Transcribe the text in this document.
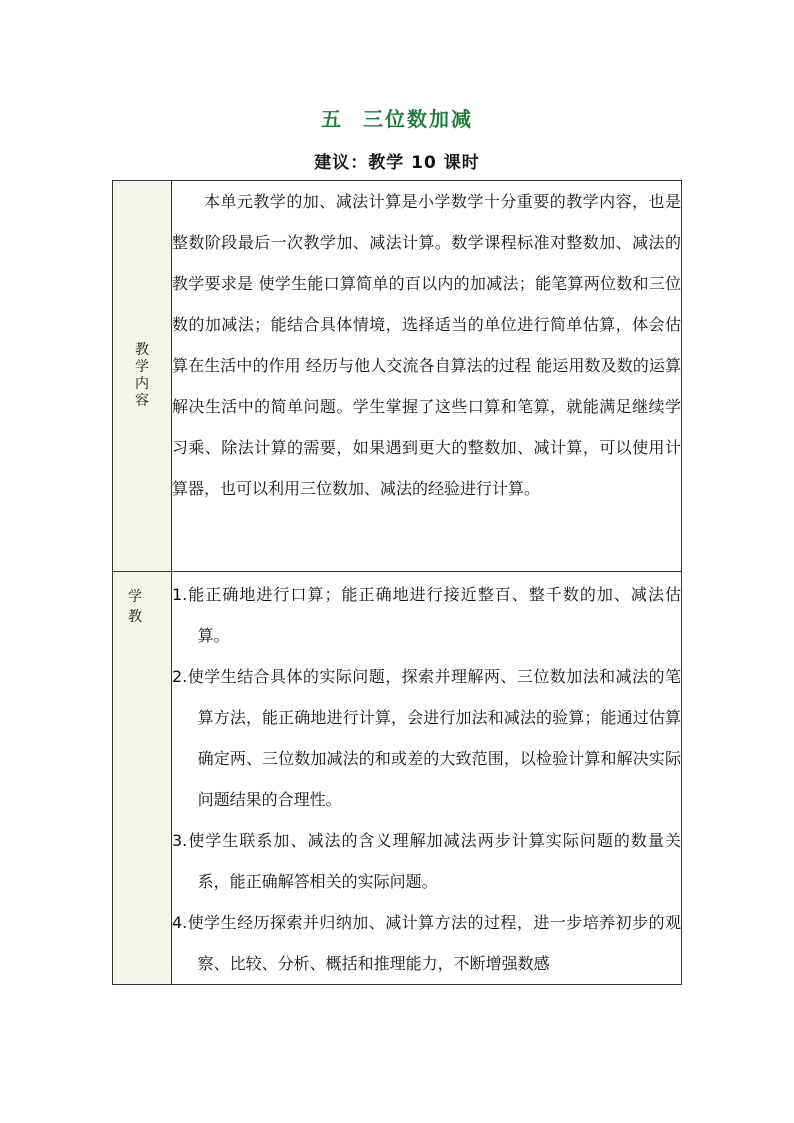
五 三位数加减
建议：教学 10 课时
教学内容	本单元教学的加、减法计算是小学数学十分重要的教学内容，也是整数阶段最后一次教学加、减法计算。数学课程标准对整数加、减法的教学要求是 使学生能口算简单的百以内的加减法；能笔算两位数和三位数的加减法；能结合具体情境，选择适当的单位进行简单估算，体会估算在生活中的作用 经历与他人交流各自算法的过程 能运用数及数的运算解决生活中的简单问题。学生掌握了这些口算和笔算，就能满足继续学习乘、除法计算的需要，如果遇到更大的整数加、减计算，可以使用计算器，也可以利用三位数加、减法的经验进行计算。

学 教	1.能正确地进行口算；能正确地进行接近整百、整千数的加、减法估算。
2.使学生结合具体的实际问题，探索并理解两、三位数加法和减法的笔算方法，能正确地进行计算，会进行加法和减法的验算；能通过估算确定两、三位数加减法的和或差的大致范围，以检验计算和解决实际问题结果的合理性。
3.使学生联系加、减法的含义理解加减法两步计算实际问题的数量关系，能正确解答相关的实际问题。
4.使学生经历探索并归纳加、减计算方法的过程，进一步培养初步的观察、比较、分析、概括和推理能力，不断增强数感
